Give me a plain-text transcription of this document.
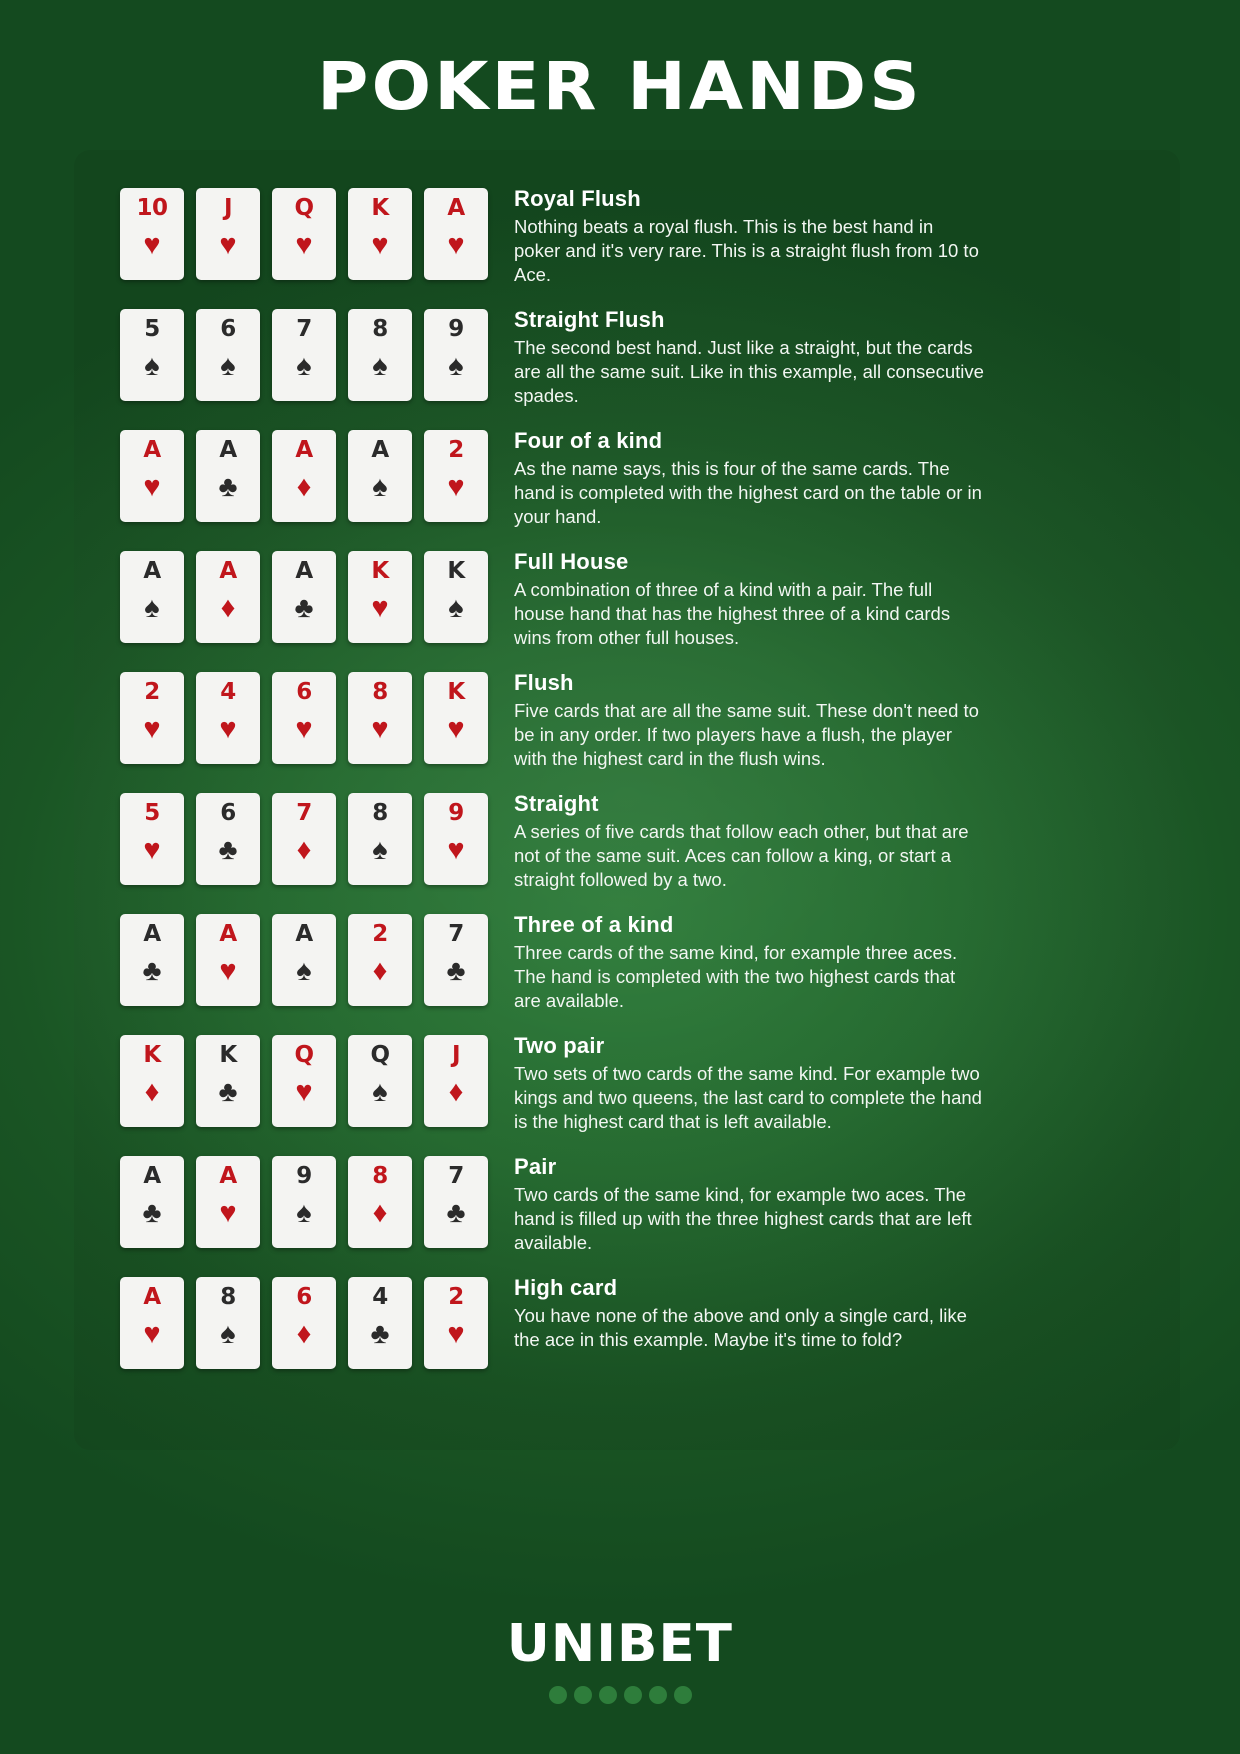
POKER HANDS
10
♥
J
♥
Q
♥
K
♥
A
♥
Royal Flush

Nothing beats a royal flush. This is the best hand in poker and it's very rare. This is a straight flush from 10 to Ace.

5
♠
6
♠
7
♠
8
♠
9
♠
Straight Flush

The second best hand. Just like a straight, but the cards are all the same suit. Like in this example, all consecutive spades.

A
♥
A
♣
A
♦
A
♠
2
♥
Four of a kind

As the name says, this is four of the same cards. The hand is completed with the highest card on the table or in your hand.

A
♠
A
♦
A
♣
K
♥
K
♠
Full House

A combination of three of a kind with a pair. The full house hand that has the highest three of a kind cards wins from other full houses.

2
♥
4
♥
6
♥
8
♥
K
♥
Flush

Five cards that are all the same suit. These don't need to be in any order. If two players have a flush, the player with the highest card in the flush wins.

5
♥
6
♣
7
♦
8
♠
9
♥
Straight

A series of five cards that follow each other, but that are not of the same suit. Aces can follow a king, or start a straight followed by a two.

A
♣
A
♥
A
♠
2
♦
7
♣
Three of a kind

Three cards of the same kind, for example three aces. The hand is completed with the two highest cards that are available.

K
♦
K
♣
Q
♥
Q
♠
J
♦
Two pair

Two sets of two cards of the same kind. For example two kings and two queens, the last card to complete the hand is the highest card that is left available.

A
♣
A
♥
9
♠
8
♦
7
♣
Pair

Two cards of the same kind, for example two aces. The hand is filled up with the three highest cards that are left available.

A
♥
8
♠
6
♦
4
♣
2
♥
High card

You have none of the above and only a single card, like the ace in this example. Maybe it's time to fold?

UNIBET
